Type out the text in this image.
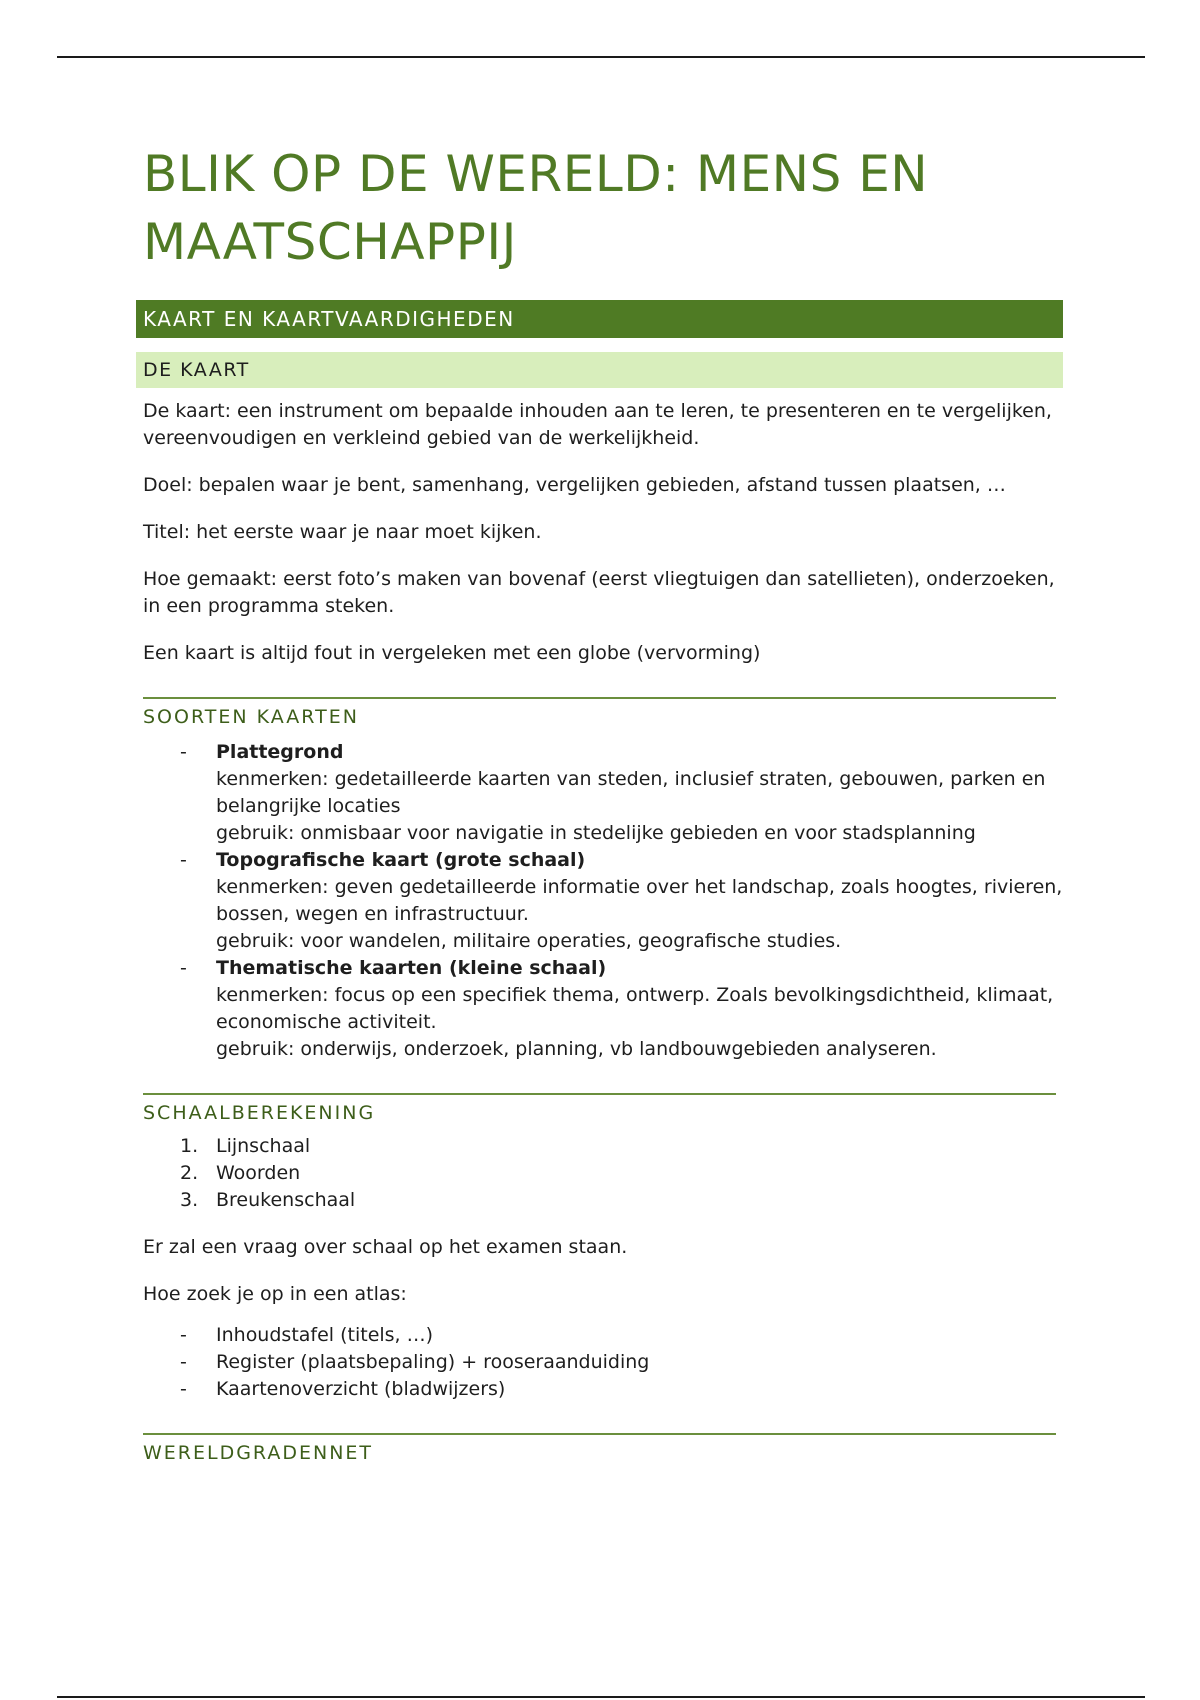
BLIK OP DE WERELD: MENS EN
MAATSCHAPPIJ
KAART EN KAARTVAARDIGHEDEN
DE KAART

De kaart: een instrument om bepaalde inhouden aan te leren, te presenteren en te vergelijken, vereenvoudigen en verkleind gebied van de werkelijkheid.

Doel: bepalen waar je bent, samenhang, vergelijken gebieden, afstand tussen plaatsen, …

Titel: het eerste waar je naar moet kijken.

Hoe gemaakt: eerst foto’s maken van bovenaf (eerst vliegtuigen dan satellieten), onderzoeken, in een programma steken.

Een kaart is altijd fout in vergeleken met een globe (vervorming)

SOORTEN KAARTEN
- Plattegrond
kenmerken: gedetailleerde kaarten van steden, inclusief straten, gebouwen, parken en belangrijke locaties
gebruik: onmisbaar voor navigatie in stedelijke gebieden en voor stadsplanning
- Topografische kaart (grote schaal)
kenmerken: geven gedetailleerde informatie over het landschap, zoals hoogtes, rivieren, bossen, wegen en infrastructuur.
gebruik: voor wandelen, militaire operaties, geografische studies.
- Thematische kaarten (kleine schaal)
kenmerken: focus op een specifiek thema, ontwerp. Zoals bevolkingsdichtheid, klimaat, economische activiteit.
gebruik: onderwijs, onderzoek, planning, vb landbouwgebieden analyseren.
SCHAALBEREKENING
1. Lijnschaal
2. Woorden
3. Breukenschaal

Er zal een vraag over schaal op het examen staan.

Hoe zoek je op in een atlas:

- Inhoudstafel (titels, …)
- Register (plaatsbepaling) + rooseraanduiding
- Kaartenoverzicht (bladwijzers)
WERELDGRADENNET
